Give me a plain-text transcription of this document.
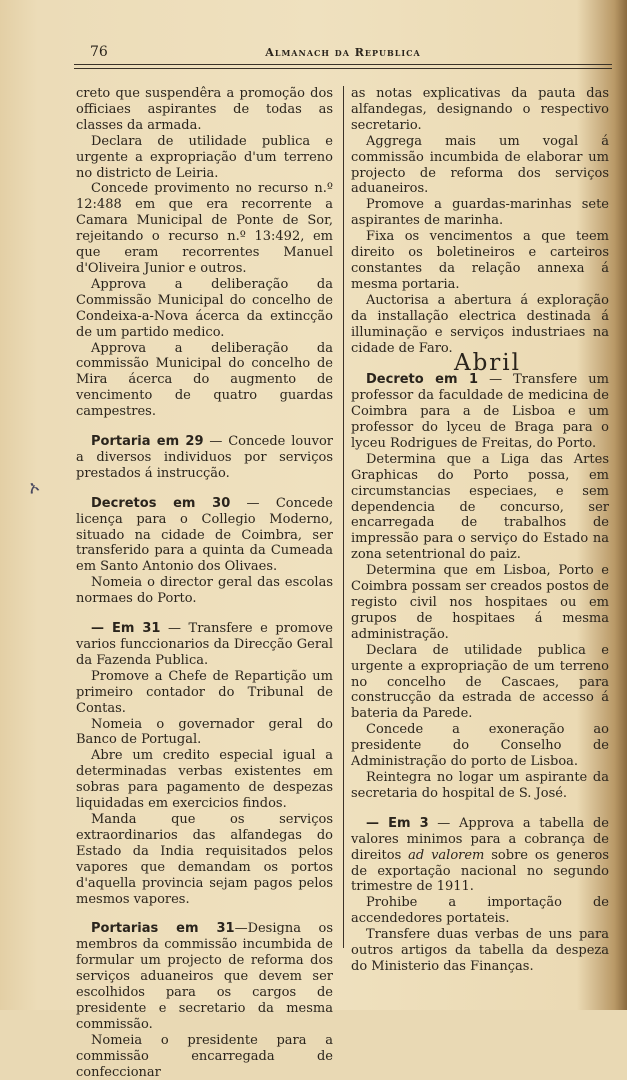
76	Almanach da Republica
ኦ

creto que suspendêra a promoção dos officiaes aspirantes de todas as classes da armada.

Declara de utilidade publica e urgente a expropriação d'um terreno no districto de Leiria.

Concede provimento no recurso n.º 12:488 em que era recorrente a Camara Municipal de Ponte de Sor, rejeitando o recurso n.º 13:492, em que eram recorrentes Manuel d'Oliveira Junior e outros.

Approva a deliberação da Commissão Municipal do concelho de Condeixa-a-Nova ácerca da extincção de um partido medico.

Approva a deliberação da commissão Municipal do concelho de Mira ácerca do augmento de vencimento de quatro guardas campestres.

Portaria em 29 — Concede louvor a diversos individuos por serviços prestados á instrucção.

Decretos em 30 — Concede licença para o Collegio Moderno, situado na cidade de Coimbra, ser transferido para a quinta da Cumeada em Santo Antonio dos Olivaes.

Nomeia o director geral das escolas normaes do Porto.

— Em 31 — Transfere e promove varios funccionarios da Direcção Geral da Fazenda Publica.

Promove a Chefe de Repartição um primeiro contador do Tribunal de Contas.

Nomeia o governador geral do Banco de Portugal.

Abre um credito especial igual a determinadas verbas existentes em sobras para pagamento de despezas liquidadas em exercicios findos.

Manda que os serviços extraordinarios das alfandegas do Estado da India requisitados pelos vapores que demandam os portos d'aquella provincia sejam pagos pelos mesmos vapores.

Portarias em 31—Designa os membros da commissão incumbida de formular um projecto de reforma dos serviços aduaneiros que devem ser escolhidos para os cargos de presidente e secretario da mesma commissão.

Nomeia o presidente para a commissão encarregada de confeccionar

as notas explicativas da pauta das alfandegas, designando o respectivo secretario.

Aggrega mais um vogal á commissão incumbida de elaborar um projecto de reforma dos serviços aduaneiros.

Promove a guardas-marinhas sete aspirantes de marinha.

Fixa os vencimentos a que teem direito os boletineiros e carteiros constantes da relação annexa á mesma portaria.

Auctorisa a abertura á exploração da installação electrica destinada á illuminação e serviços industriaes na cidade de Faro.

Abril

Decreto em 1 — Transfere um professor da faculdade de medicina de Coimbra para a de Lisboa e um professor do lyceu de Braga para o lyceu Rodrigues de Freitas, do Porto.

Determina que a Liga das Artes Graphicas do Porto possa, em circumstancias especiaes, e sem dependencia de concurso, ser encarregada de trabalhos de impressão para o serviço do Estado na zona setentrional do paiz.

Determina que em Lisboa, Porto e Coimbra possam ser creados postos de registo civil nos hospitaes ou em grupos de hospitaes á mesma administração.

Declara de utilidade publica e urgente a expropriação de um terreno no concelho de Cascaes, para construcção da estrada de accesso á bateria da Parede.

Concede a exoneração ao presidente do Conselho de Administração do porto de Lisboa.

Reintegra no logar um aspirante da secretaria do hospital de S. José.

— Em 3 — Approva a tabella de valores minimos para a cobrança de direitos ad valorem sobre os generos de exportação nacional no segundo trimestre de 1911.

Prohibe a importação de accendedores portateis.

Transfere duas verbas de uns para outros artigos da tabella da despeza do Ministerio das Finanças.
